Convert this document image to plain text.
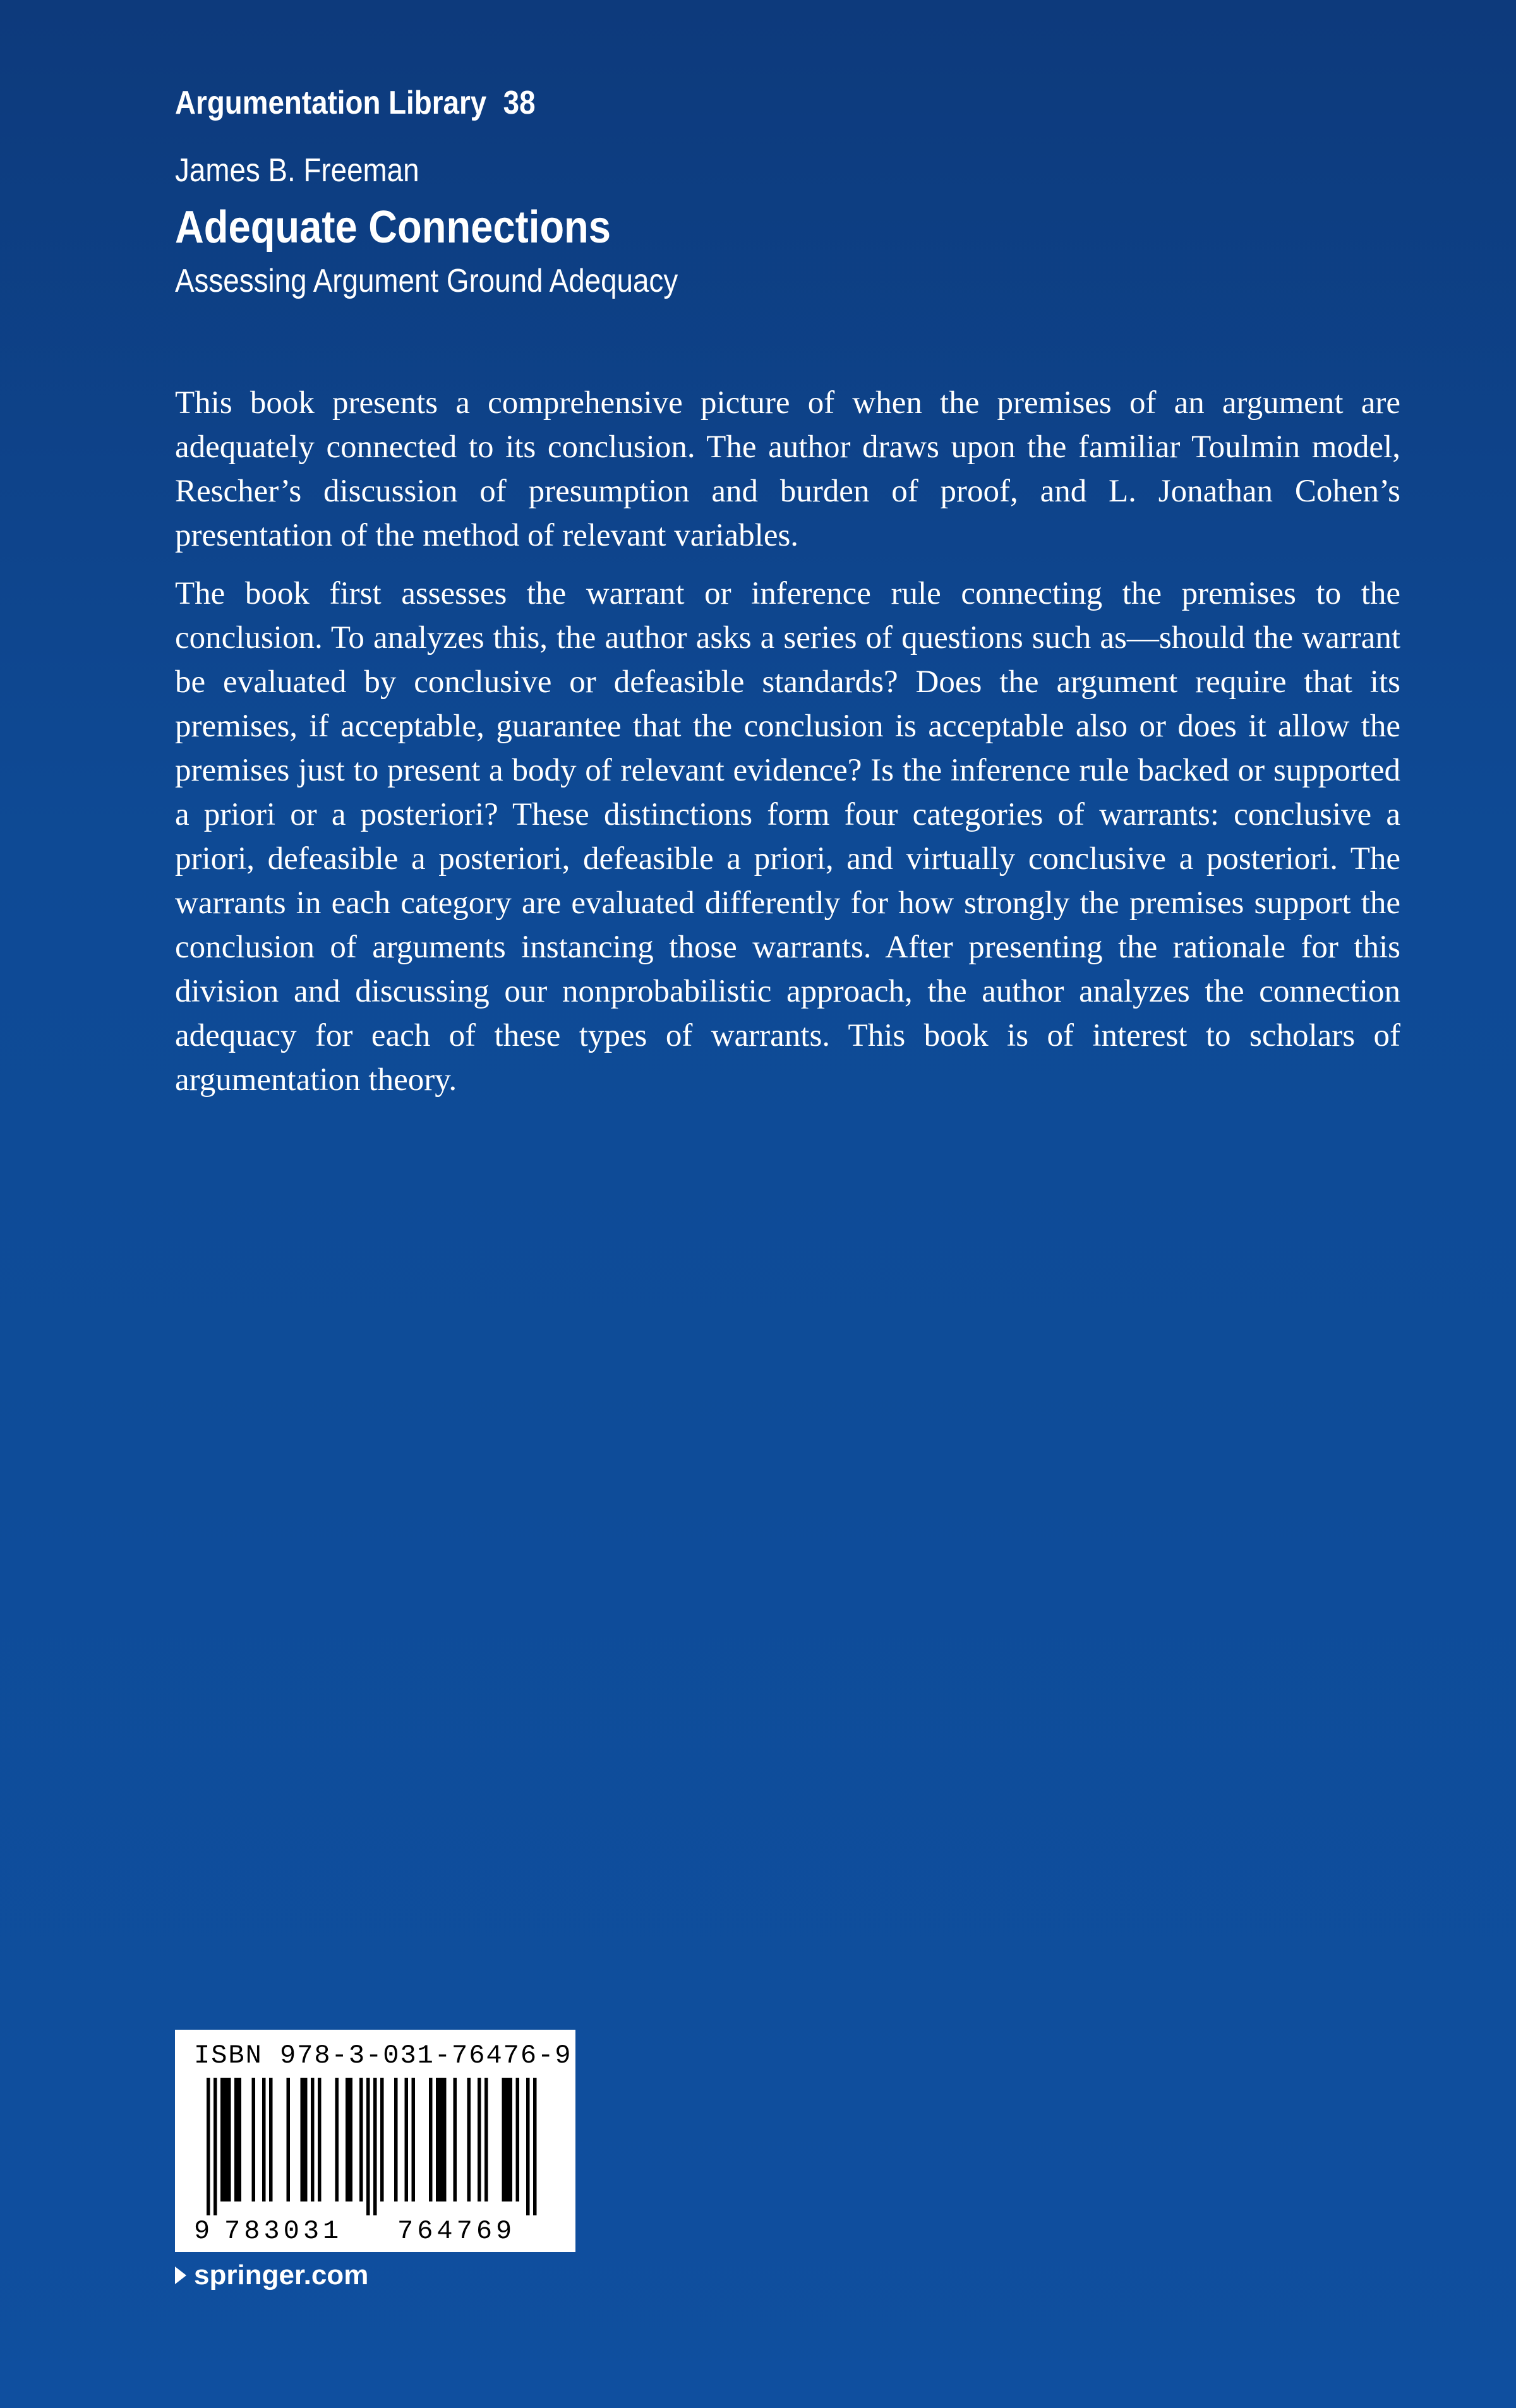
Argumentation Library 38
James B. Freeman
Adequate Connections
Assessing Argument Ground Adequacy

This book presents a comprehensive picture of when the premises of an argument are adequately connected to its conclusion. The author draws upon the familiar Toulmin model, Rescher’s discussion of presumption and burden of proof, and L. Jonathan Cohen’s presentation of the method of relevant variables.

The book first assesses the warrant or inference rule connecting the premises to the conclusion. To analyzes this, the author asks a series of questions such as—should the warrant be evaluated by conclusive or defeasible standards? Does the argument require that its premises, if acceptable, guarantee that the conclusion is acceptable also or does it allow the premises just to present a body of relevant evidence? Is the inference rule backed or supported a priori or a posteriori? These distinctions form four categories of warrants: conclusive a priori, defeasible a posteriori, defeasible a priori, and virtually conclusive a posteriori. The warrants in each category are evaluated differently for how strongly the premises support the conclusion of arguments instancing those warrants. After presenting the rationale for this division and discussing our nonprobabilistic approach, the author analyzes the connection adequacy for each of these types of warrants. This book is of interest to scholars of argumentation theory.

ISBN 978-3-031-76476-9
9 783031 764769
springer.com
